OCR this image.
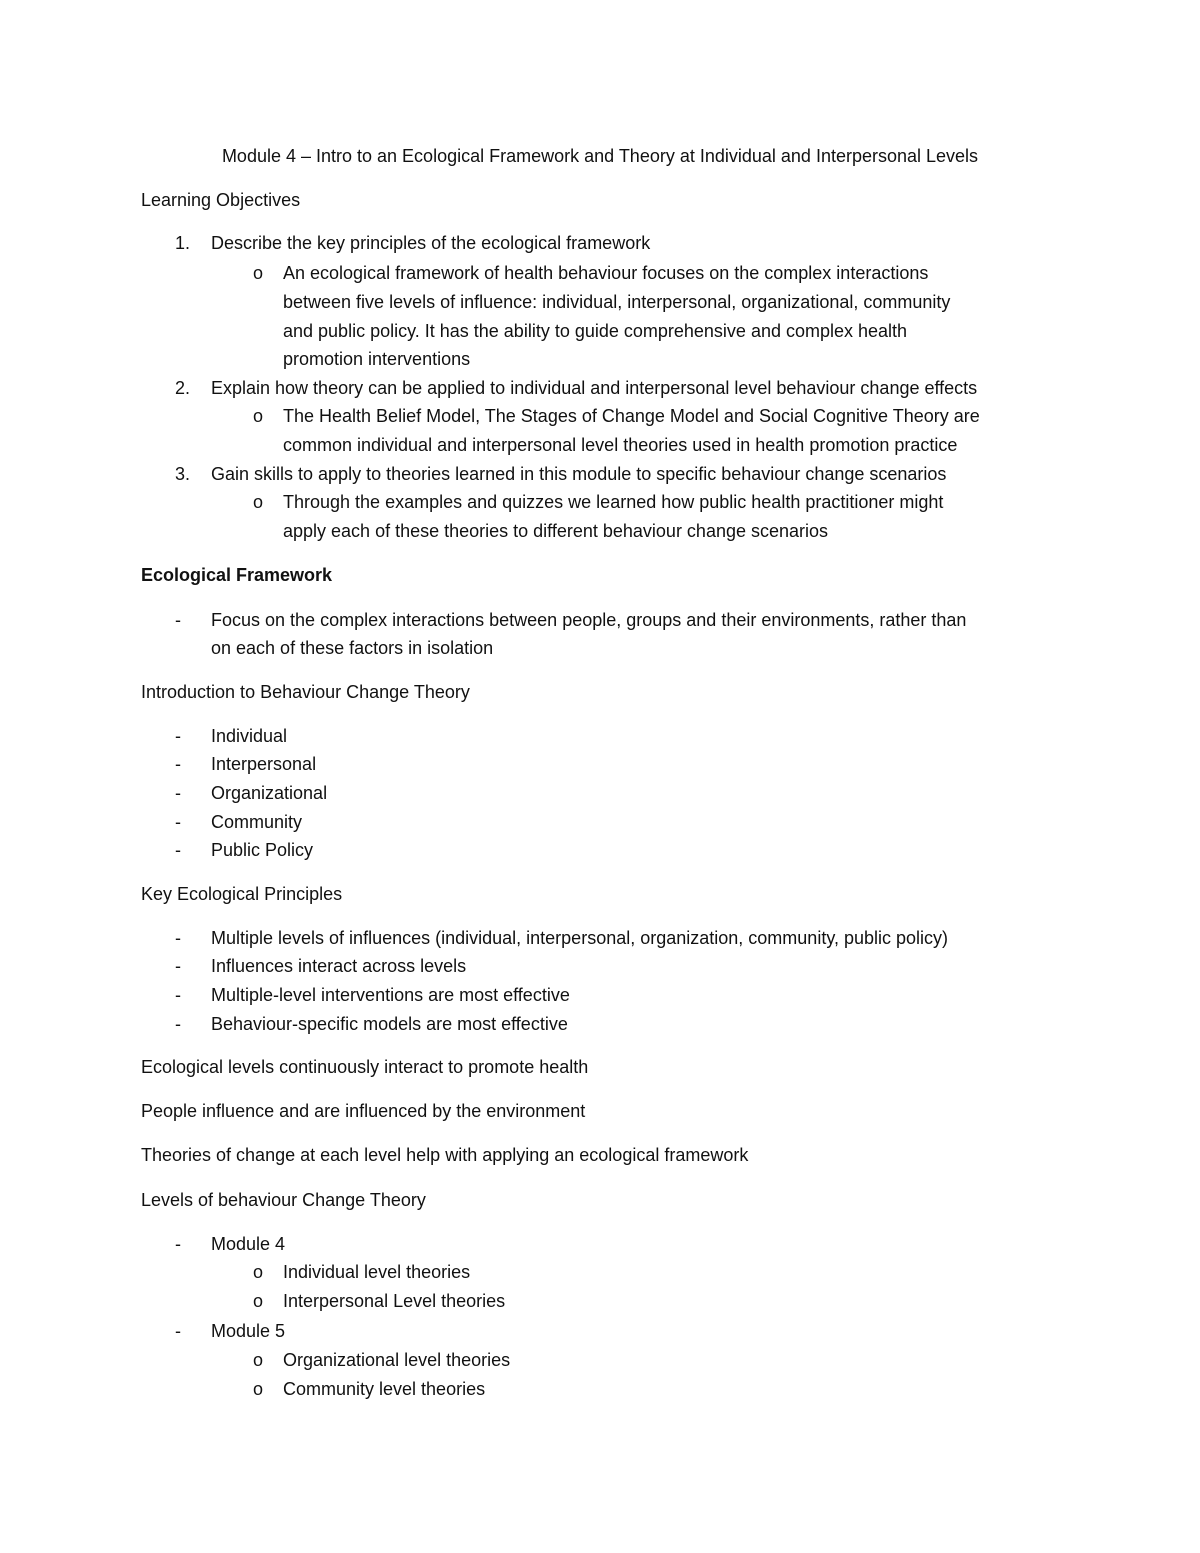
Module 4 – Intro to an Ecological Framework and Theory at Individual and Interpersonal Levels
Learning Objectives
1. Describe the key principles of the ecological framework
o An ecological framework of health behaviour focuses on the complex interactions
between five levels of influence: individual, interpersonal, organizational, community
and public policy. It has the ability to guide comprehensive and complex health
promotion interventions
2. Explain how theory can be applied to individual and interpersonal level behaviour change effects
o The Health Belief Model, The Stages of Change Model and Social Cognitive Theory are
common individual and interpersonal level theories used in health promotion practice
3. Gain skills to apply to theories learned in this module to specific behaviour change scenarios
o Through the examples and quizzes we learned how public health practitioner might
apply each of these theories to different behaviour change scenarios
Ecological Framework
- Focus on the complex interactions between people, groups and their environments, rather than
on each of these factors in isolation
Introduction to Behaviour Change Theory
- Individual
- Interpersonal
- Organizational
- Community
- Public Policy
Key Ecological Principles
- Multiple levels of influences (individual, interpersonal, organization, community, public policy)
- Influences interact across levels
- Multiple-level interventions are most effective
- Behaviour-specific models are most effective
Ecological levels continuously interact to promote health
People influence and are influenced by the environment
Theories of change at each level help with applying an ecological framework
Levels of behaviour Change Theory
- Module 4
o Individual level theories
o Interpersonal Level theories
- Module 5
o Organizational level theories
o Community level theories
